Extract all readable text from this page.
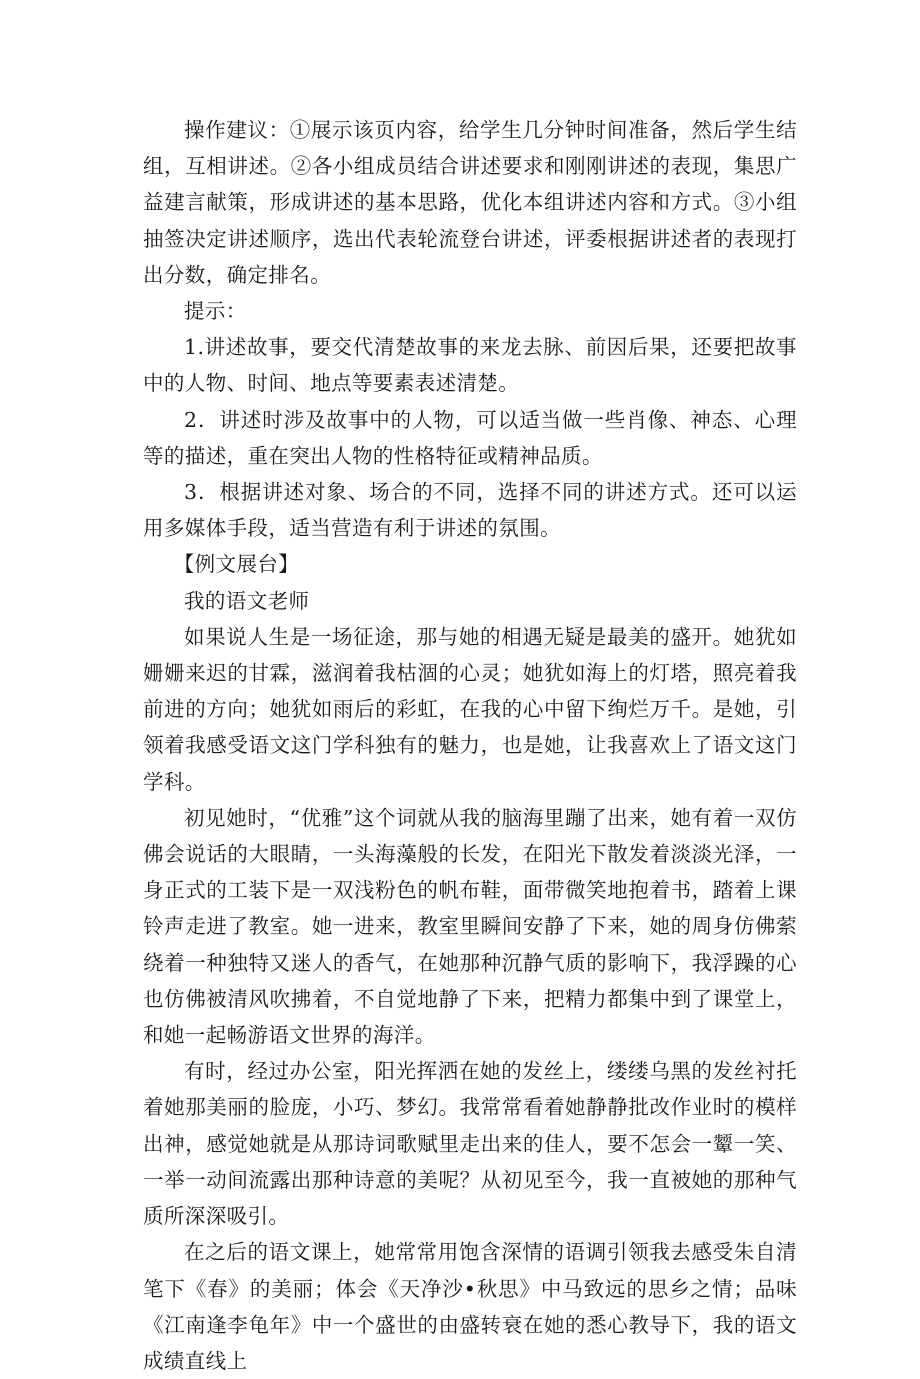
操作建议：①展示该页内容，给学生几分钟时间准备，然后学生结组，互相讲述。②各小组成员结合讲述要求和刚刚讲述的表现，集思广益建言献策，形成讲述的基本思路，优化本组讲述内容和方式。③小组抽签决定讲述顺序，选出代表轮流登台讲述，评委根据讲述者的表现打出分数，确定排名。

提示：

1.讲述故事，要交代清楚故事的来龙去脉、前因后果，还要把故事中的人物、时间、地点等要素表述清楚。

2．讲述时涉及故事中的人物，可以适当做一些肖像、神态、心理等的描述，重在突出人物的性格特征或精神品质。

3．根据讲述对象、场合的不同，选择不同的讲述方式。还可以运用多媒体手段，适当营造有利于讲述的氛围。

【例文展台】

我的语文老师

如果说人生是一场征途，那与她的相遇无疑是最美的盛开。她犹如姗姗来迟的甘霖，滋润着我枯涸的心灵；她犹如海上的灯塔，照亮着我前进的方向；她犹如雨后的彩虹，在我的心中留下绚烂万千。是她，引领着我感受语文这门学科独有的魅力，也是她，让我喜欢上了语文这门学科。

初见她时，“优雅”这个词就从我的脑海里蹦了出来，她有着一双仿佛会说话的大眼睛，一头海藻般的长发，在阳光下散发着淡淡光泽，一身正式的工装下是一双浅粉色的帆布鞋，面带微笑地抱着书，踏着上课铃声走进了教室。她一进来，教室里瞬间安静了下来，她的周身仿佛萦绕着一种独特又迷人的香气，在她那种沉静气质的影响下，我浮躁的心也仿佛被清风吹拂着，不自觉地静了下来，把精力都集中到了课堂上，和她一起畅游语文世界的海洋。

有时，经过办公室，阳光挥洒在她的发丝上，缕缕乌黑的发丝衬托着她那美丽的脸庞，小巧、梦幻。我常常看着她静静批改作业时的模样出神，感觉她就是从那诗词歌赋里走出来的佳人，要不怎会一颦一笑、一举一动间流露出那种诗意的美呢？从初见至今，我一直被她的那种气质所深深吸引。

在之后的语文课上，她常常用饱含深情的语调引领我去感受朱自清笔下《春》的美丽；体会《天净沙•秋思》中马致远的思乡之情；品味《江南逢李龟年》中一个盛世的由盛转衰在她的悉心教导下，我的语文成绩直线上
